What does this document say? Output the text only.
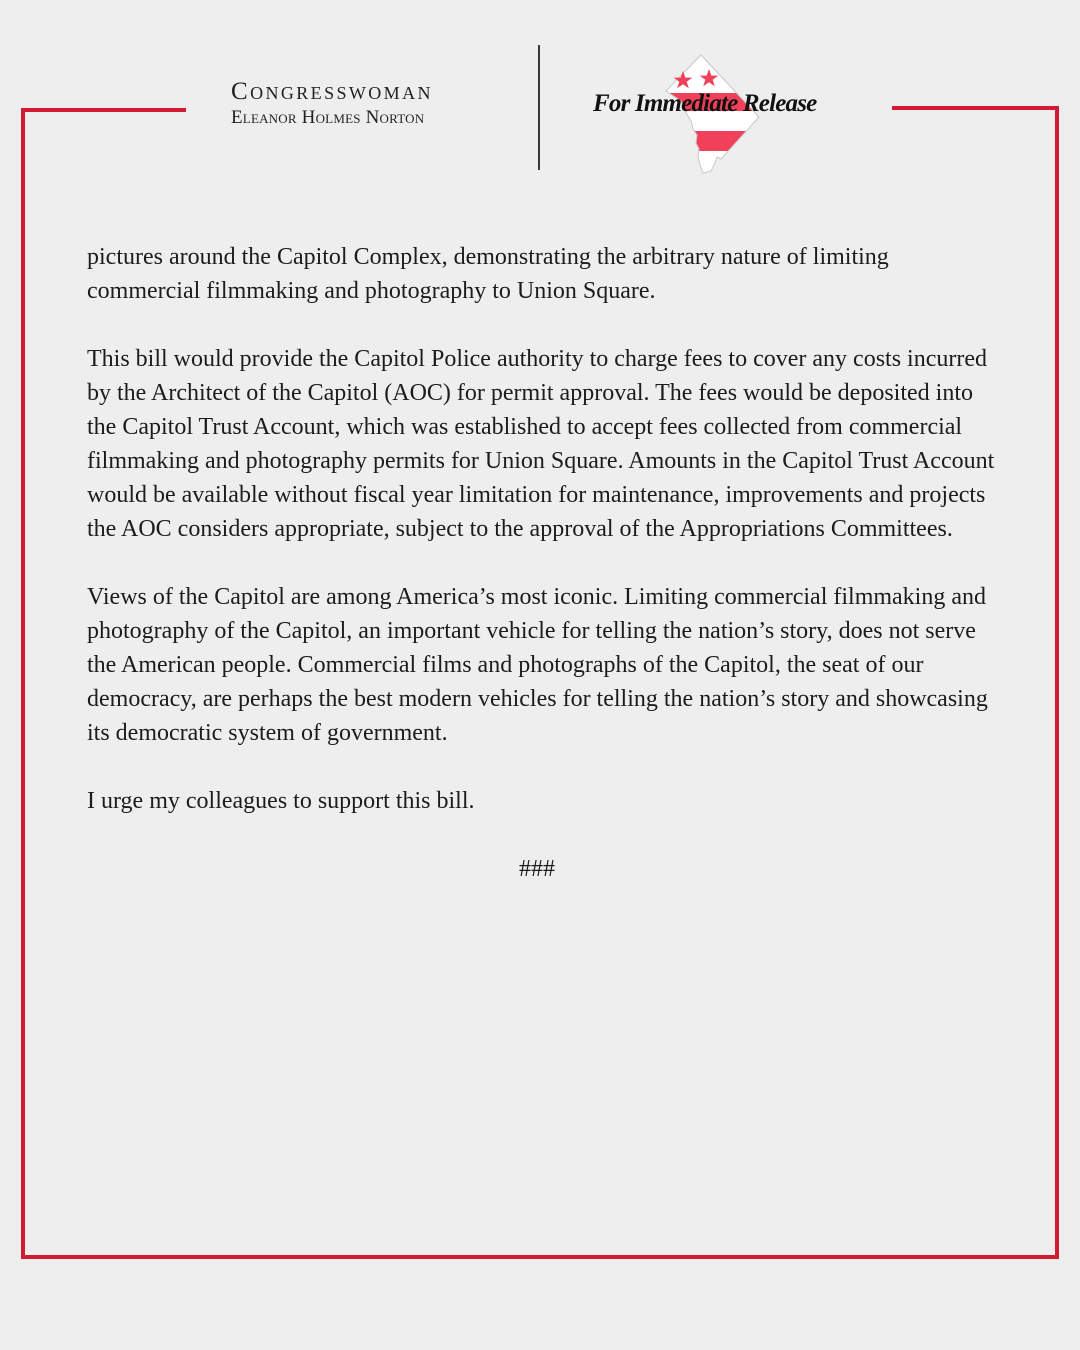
Congresswoman
Eleanor Holmes Norton
For Immediate Release

pictures around the Capitol Complex, demonstrating the arbitrary nature of limiting commercial filmmaking and photography to Union Square.

This bill would provide the Capitol Police authority to charge fees to cover any costs incurred by the Architect of the Capitol (AOC) for permit approval. The fees would be deposited into the Capitol Trust Account, which was established to accept fees collected from commercial filmmaking and photography permits for Union Square. Amounts in the Capitol Trust Account would be available without fiscal year limitation for maintenance, improvements and projects the AOC considers appropriate, subject to the approval of the Appropriations Committees.

Views of the Capitol are among America’s most iconic. Limiting commercial filmmaking and photography of the Capitol, an important vehicle for telling the nation’s story, does not serve the American people. Commercial films and photographs of the Capitol, the seat of our democracy, are perhaps the best modern vehicles for telling the nation’s story and showcasing its democratic system of government.

I urge my colleagues to support this bill.

###
